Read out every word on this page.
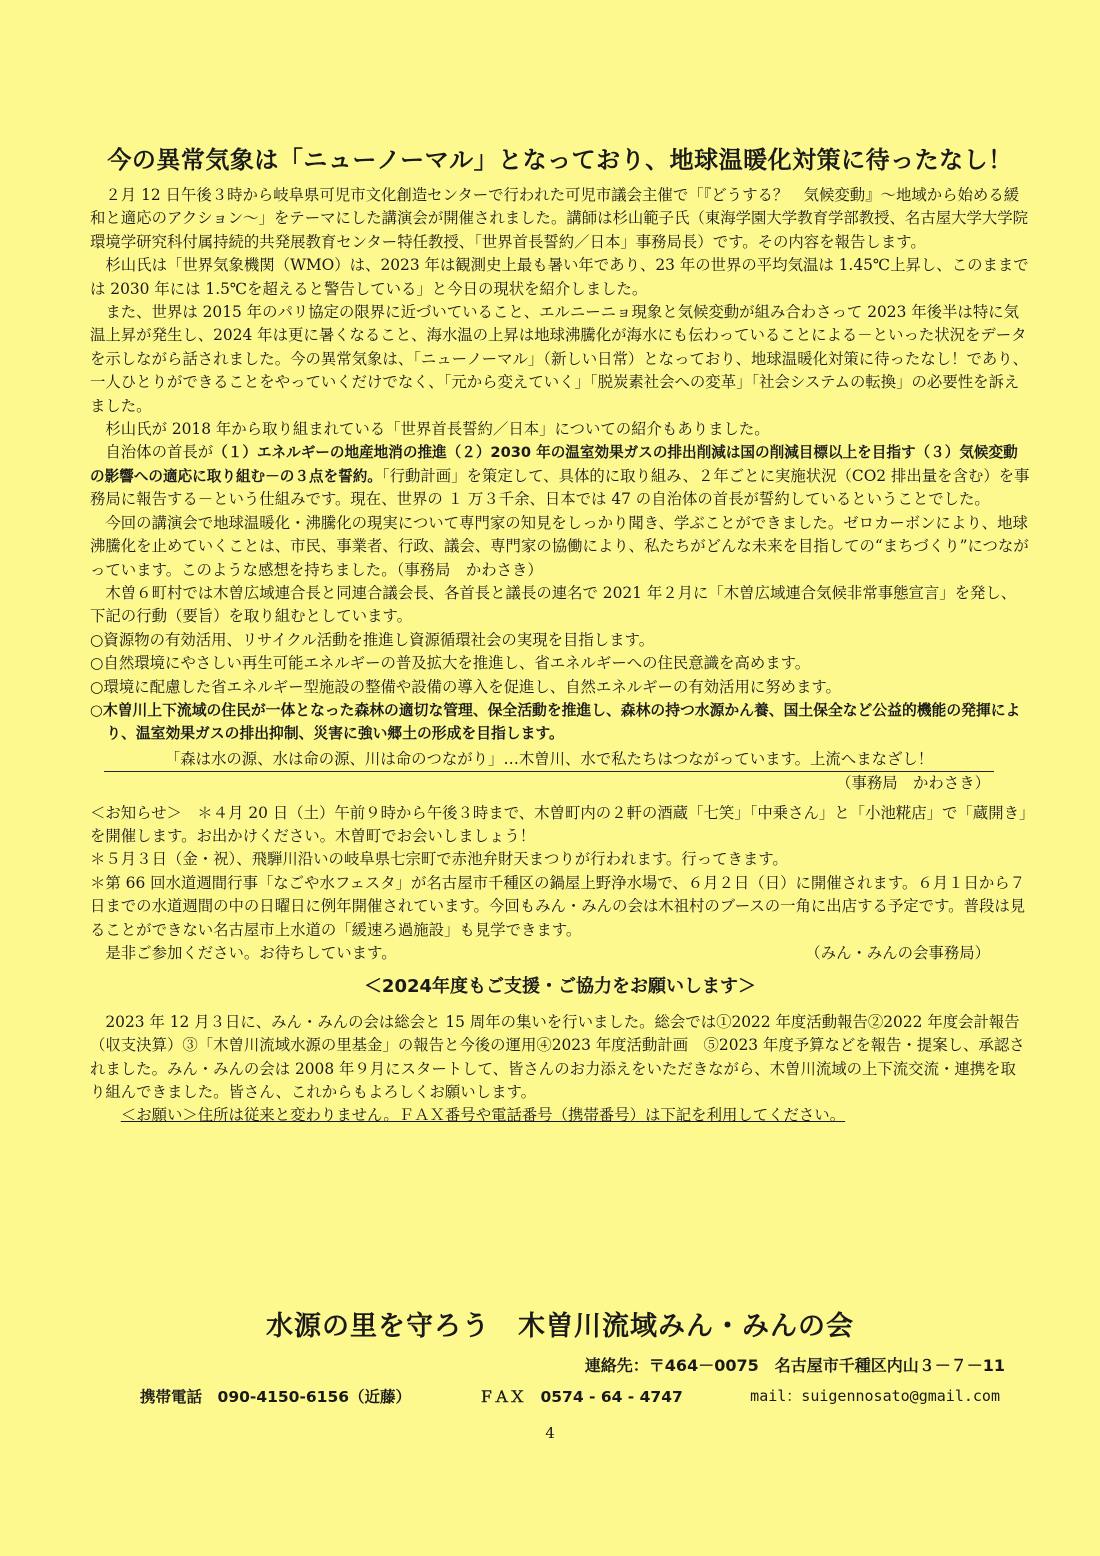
今の異常気象は「ニューノーマル」となっており、地球温暖化対策に待ったなし！

２月 12 日午後３時から岐阜県可児市文化創造センターで行われた可児市議会主催で「『どうする？　気候変動』～地域から始める緩和と適応のアクション～」をテーマにした講演会が開催されました。講師は杉山範子氏（東海学園大学教育学部教授、名古屋大学大学院環境学研究科付属持続的共発展教育センター特任教授、「世界首長誓約／日本」事務局長）です。その内容を報告します。

杉山氏は「世界気象機関（WMO）は、2023 年は観測史上最も暑い年であり、23 年の世界の平均気温は 1.45℃上昇し、このままでは 2030 年には 1.5℃を超えると警告している」と今日の現状を紹介しました。

また、世界は 2015 年のパリ協定の限界に近づいていること、エルニーニョ現象と気候変動が組み合わさって 2023 年後半は特に気温上昇が発生し、2024 年は更に暑くなること、海水温の上昇は地球沸騰化が海水にも伝わっていることによる－といった状況をデータを示しながら話されました。今の異常気象は、「ニューノーマル」（新しい日常）となっており、地球温暖化対策に待ったなし！であり、一人ひとりができることをやっていくだけでなく、「元から変えていく」「脱炭素社会への変革」「社会システムの転換」の必要性を訴えました。

杉山氏が 2018 年から取り組まれている「世界首長誓約／日本」についての紹介もありました。

自治体の首長が（１）エネルギーの地産地消の推進（２）2030 年の温室効果ガスの排出削減は国の削減目標以上を目指す（３）気候変動の影響への適応に取り組む－の３点を誓約。「行動計画」を策定して、具体的に取り組み、２年ごとに実施状況（CO2 排出量を含む）を事務局に報告する－という仕組みです。現在、世界の １ 万３千余、日本では 47 の自治体の首長が誓約しているということでした。

今回の講演会で地球温暖化・沸騰化の現実について専門家の知見をしっかり聞き、学ぶことができました。ゼロカーボンにより、地球沸騰化を止めていくことは、市民、事業者、行政、議会、専門家の協働により、私たちがどんな未来を目指しての“まちづくり”につながっています。このような感想を持ちました。（事務局　かわさき）

木曽６町村では木曽広域連合長と同連合議会長、各首長と議長の連名で 2021 年２月に「木曽広域連合気候非常事態宣言」を発し、下記の行動（要旨）を取り組むとしています。

○資源物の有効活用、リサイクル活動を推進し資源循環社会の実現を目指します。
○自然環境にやさしい再生可能エネルギーの普及拡大を推進し、省エネルギーへの住民意識を高めます。
○環境に配慮した省エネルギー型施設の整備や設備の導入を促進し、自然エネルギーの有効活用に努めます。
○木曽川上下流域の住民が一体となった森林の適切な管理、保全活動を推進し、森林の持つ水源かん養、国土保全など公益的機能の発揮により、温室効果ガスの排出抑制、災害に強い郷土の形成を目指します。
「森は水の源、水は命の源、川は命のつながり」…木曽川、水で私たちはつながっています。上流へまなざし！
（事務局　かわさき）

＜お知らせ＞　 ＊４月 20 日（土）午前９時から午後３時まで、木曽町内の２軒の酒蔵「七笑」「中乗さん」と「小池糀店」で「蔵開き」を開催します。お出かけください。木曽町でお会いしましょう！

＊５月３日（金・祝）、飛騨川沿いの岐阜県七宗町で赤池弁財天まつりが行われます。行ってきます。

＊第 66 回水道週間行事「なごや水フェスタ」が名古屋市千種区の鍋屋上野浄水場で、６月２日（日）に開催されます。６月１日から７日までの水道週間の中の日曜日に例年開催されています。今回もみん・みんの会は木祖村のブースの一角に出店する予定です。普段は見ることができない名古屋市上水道の「緩速ろ過施設」も見学できます。

是非ご参加ください。お待ちしています。	（みん・みんの会事務局）
＜2024年度もご支援・ご協力をお願いします＞

2023 年 12 月３日に、みん・みんの会は総会と 15 周年の集いを行いました。総会では①2022 年度活動報告②2022 年度会計報告（収支決算）③「木曽川流域水源の里基金」の報告と今後の運用④2023 年度活動計画　⑤2023 年度予算などを報告・提案し、承認されました。みん・みんの会は 2008 年９月にスタートして、皆さんのお力添えをいただきながら、木曽川流域の上下流交流・連携を取り組んできました。皆さん、これからもよろしくお願いします。

＜お願い＞住所は従来と変わりません。ＦＡＸ番号や電話番号（携帯番号）は下記を利用してください。

水源の里を守ろう　木曽川流域みん・みんの会
連絡先：〒464－0075　名古屋市千種区内山３－７－11
携帯電話　 090-4150-6156（近藤）	ＦＡＸ　 0574 - 64 - 4747	mail：suigennosato@gmail.com
4
